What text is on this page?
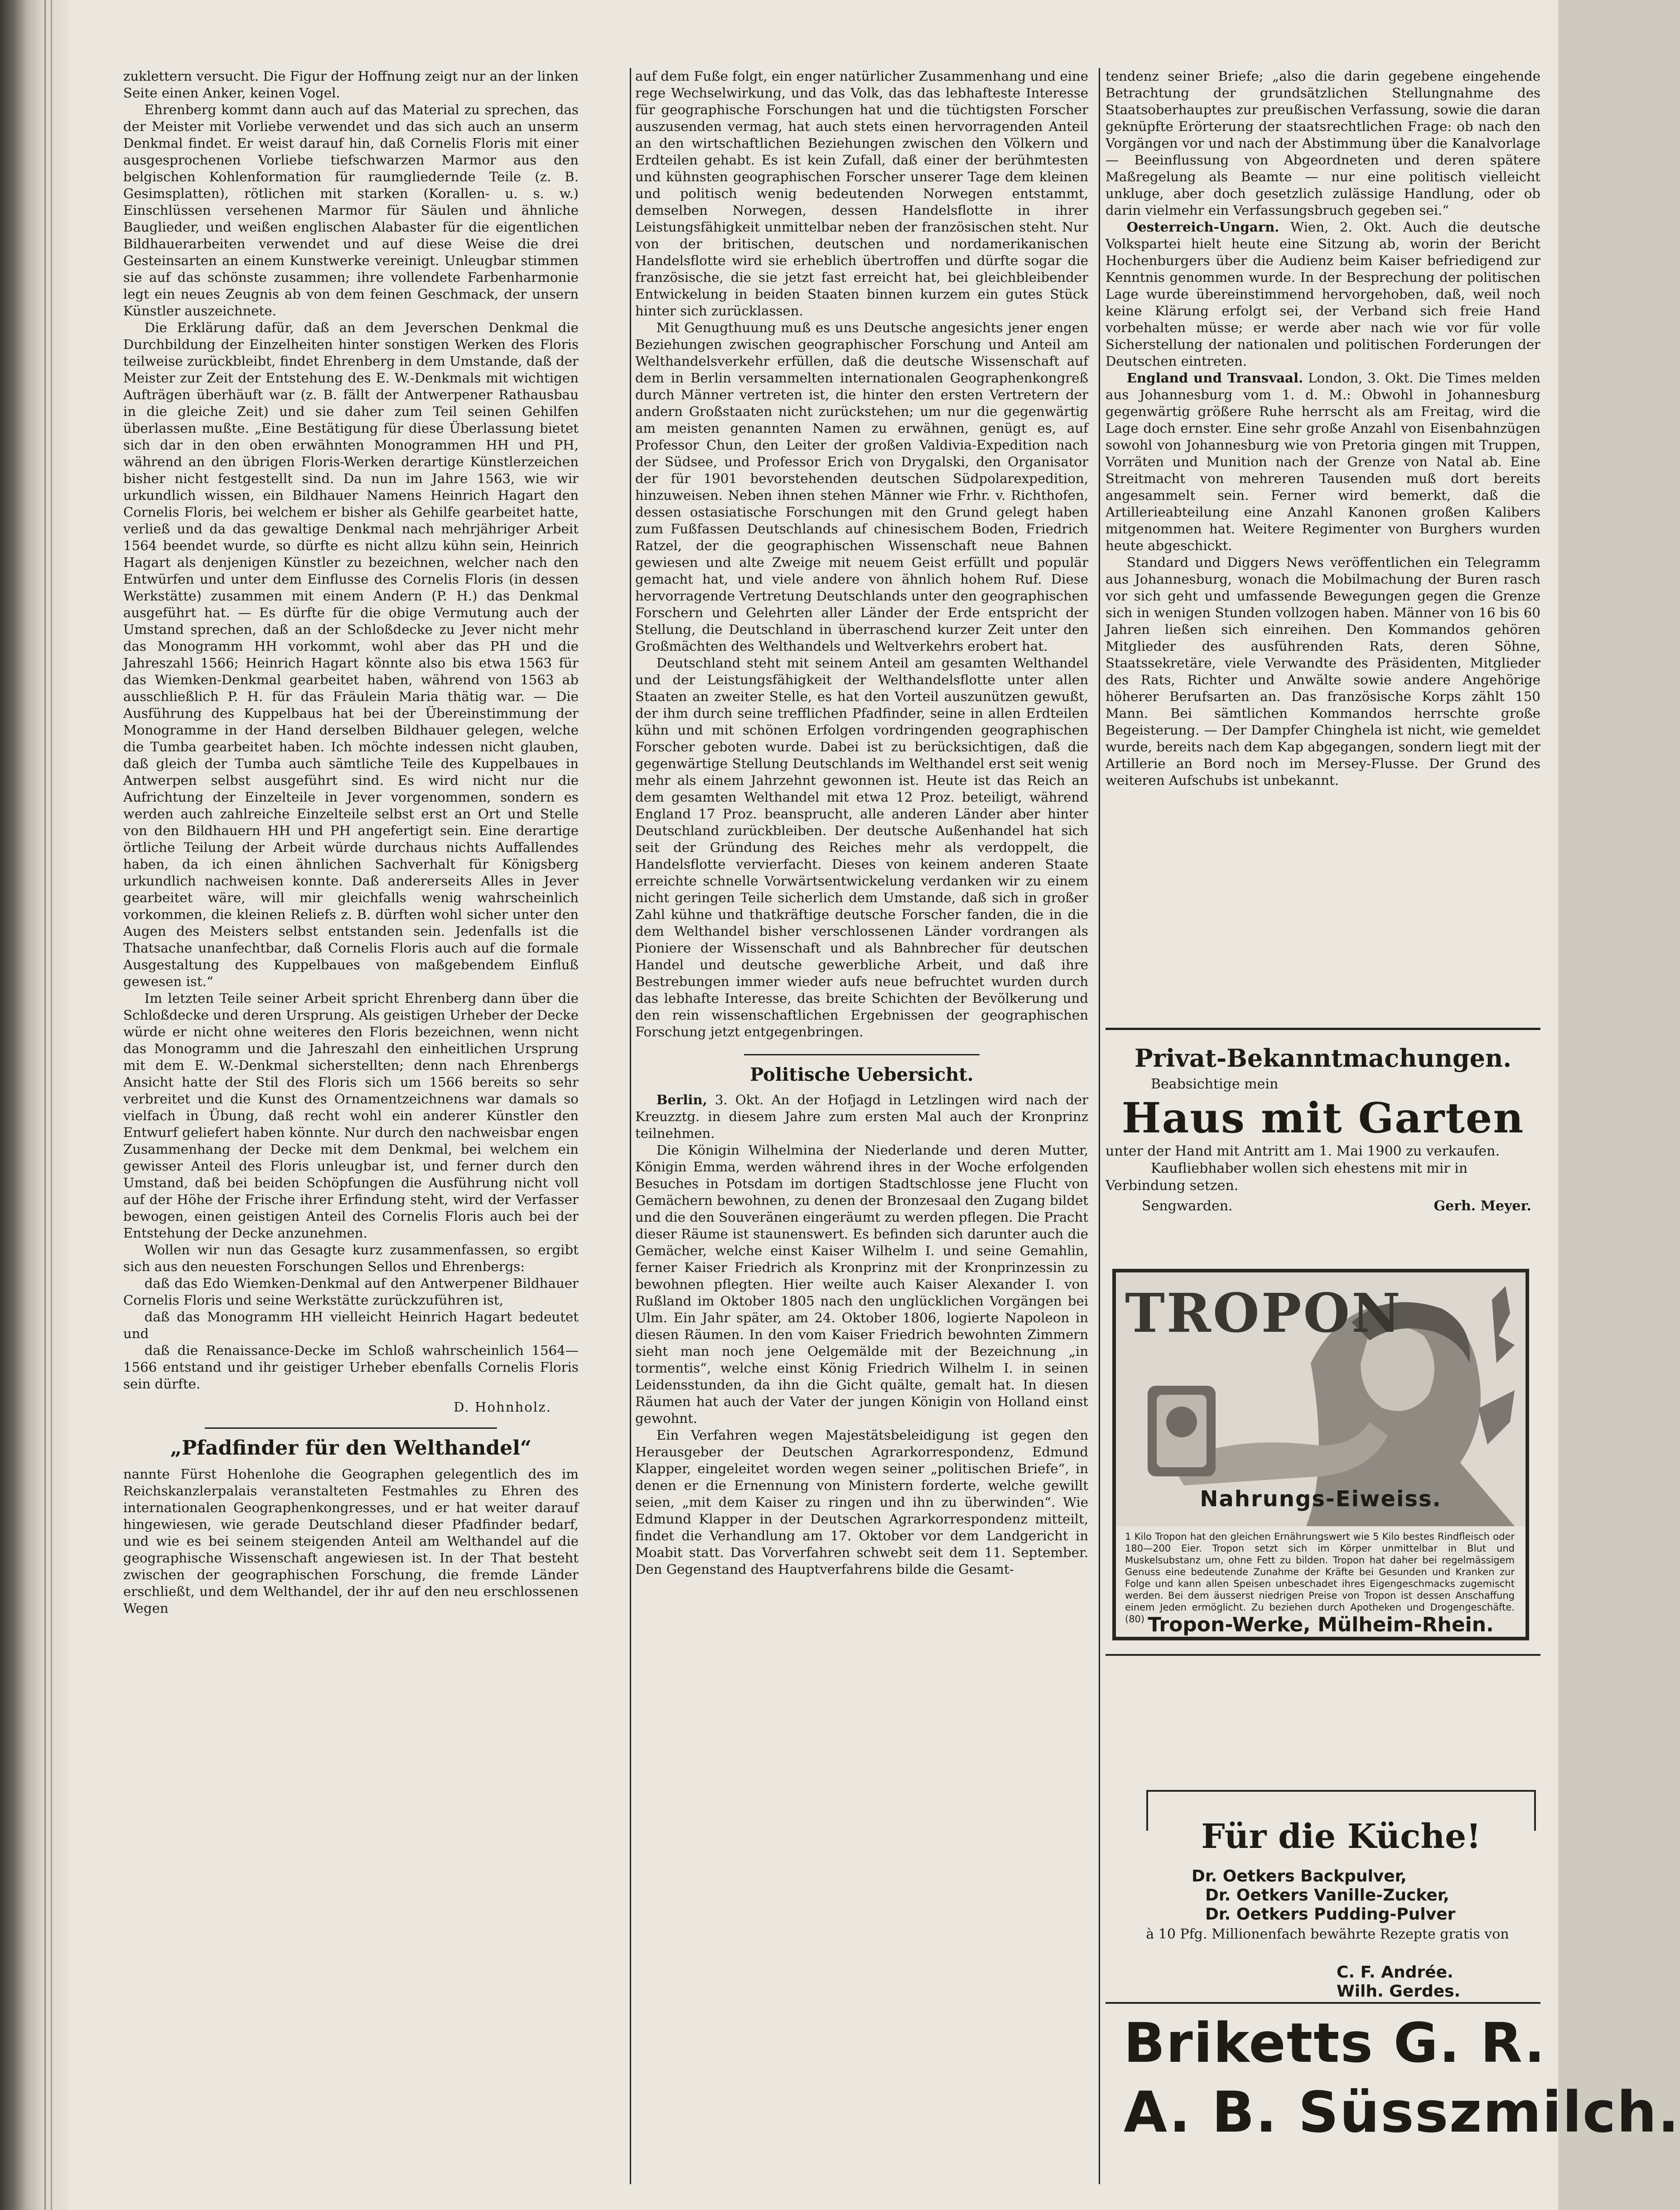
zuklettern versucht. Die Figur der Hoffnung zeigt nur an der linken Seite einen Anker, keinen Vogel.

Ehrenberg kommt dann auch auf das Material zu sprechen, das der Meister mit Vorliebe verwendet und das sich auch an unserm Denkmal findet. Er weist darauf hin, daß Cornelis Floris mit einer ausgesprochenen Vorliebe tiefschwarzen Marmor aus den belgischen Kohlenformation für raumgliedernde Teile (z. B. Gesimsplatten), rötlichen mit starken (Korallen- u. s. w.) Einschlüssen versehenen Marmor für Säulen und ähnliche Bauglieder, und weißen englischen Alabaster für die eigentlichen Bildhauerarbeiten verwendet und auf diese Weise die drei Gesteinsarten an einem Kunstwerke vereinigt. Unleugbar stimmen sie auf das schönste zusammen; ihre vollendete Farbenharmonie legt ein neues Zeugnis ab von dem feinen Geschmack, der unsern Künstler auszeichnete.

Die Erklärung dafür, daß an dem Jeverschen Denkmal die Durchbildung der Einzelheiten hinter sonstigen Werken des Floris teilweise zurückbleibt, findet Ehrenberg in dem Umstande, daß der Meister zur Zeit der Entstehung des E. W.-Denkmals mit wichtigen Aufträgen überhäuft war (z. B. fällt der Antwerpener Rathausbau in die gleiche Zeit) und sie daher zum Teil seinen Gehilfen überlassen mußte. „Eine Bestätigung für diese Überlassung bietet sich dar in den oben erwähnten Monogrammen HH und PH, während an den übrigen Floris-Werken derartige Künstlerzeichen bisher nicht festgestellt sind. Da nun im Jahre 1563, wie wir urkundlich wissen, ein Bildhauer Namens Heinrich Hagart den Cornelis Floris, bei welchem er bisher als Gehilfe gearbeitet hatte, verließ und da das gewaltige Denkmal nach mehrjähriger Arbeit 1564 beendet wurde, so dürfte es nicht allzu kühn sein, Heinrich Hagart als denjenigen Künstler zu bezeichnen, welcher nach den Entwürfen und unter dem Einflusse des Cornelis Floris (in dessen Werkstätte) zusammen mit einem Andern (P. H.) das Denkmal ausgeführt hat. — Es dürfte für die obige Vermutung auch der Umstand sprechen, daß an der Schloßdecke zu Jever nicht mehr das Monogramm HH vorkommt, wohl aber das PH und die Jahreszahl 1566; Heinrich Hagart könnte also bis etwa 1563 für das Wiemken-Denkmal gearbeitet haben, während von 1563 ab ausschließlich P. H. für das Fräulein Maria thätig war. — Die Ausführung des Kuppelbaus hat bei der Übereinstimmung der Monogramme in der Hand derselben Bildhauer gelegen, welche die Tumba gearbeitet haben. Ich möchte indessen nicht glauben, daß gleich der Tumba auch sämtliche Teile des Kuppelbaues in Antwerpen selbst ausgeführt sind. Es wird nicht nur die Aufrichtung der Einzelteile in Jever vorgenommen, sondern es werden auch zahlreiche Einzelteile selbst erst an Ort und Stelle von den Bildhauern HH und PH angefertigt sein. Eine derartige örtliche Teilung der Arbeit würde durchaus nichts Auffallendes haben, da ich einen ähnlichen Sachverhalt für Königsberg urkundlich nachweisen konnte. Daß andererseits Alles in Jever gearbeitet wäre, will mir gleichfalls wenig wahrscheinlich vorkommen, die kleinen Reliefs z. B. dürften wohl sicher unter den Augen des Meisters selbst entstanden sein. Jedenfalls ist die Thatsache unanfechtbar, daß Cornelis Floris auch auf die formale Ausgestaltung des Kuppelbaues von maßgebendem Einfluß gewesen ist.“

Im letzten Teile seiner Arbeit spricht Ehrenberg dann über die Schloßdecke und deren Ursprung. Als geistigen Urheber der Decke würde er nicht ohne weiteres den Floris bezeichnen, wenn nicht das Monogramm und die Jahreszahl den einheitlichen Ursprung mit dem E. W.-Denkmal sicherstellten; denn nach Ehrenbergs Ansicht hatte der Stil des Floris sich um 1566 bereits so sehr verbreitet und die Kunst des Ornamentzeichnens war damals so vielfach in Übung, daß recht wohl ein anderer Künstler den Entwurf geliefert haben könnte. Nur durch den nachweisbar engen Zusammenhang der Decke mit dem Denkmal, bei welchem ein gewisser Anteil des Floris unleugbar ist, und ferner durch den Umstand, daß bei beiden Schöpfungen die Ausführung nicht voll auf der Höhe der Frische ihrer Erfindung steht, wird der Verfasser bewogen, einen geistigen Anteil des Cornelis Floris auch bei der Entstehung der Decke anzunehmen.

Wollen wir nun das Gesagte kurz zusammenfassen, so ergibt sich aus den neuesten Forschungen Sellos und Ehrenbergs:

daß das Edo Wiemken-Denkmal auf den Antwerpener Bildhauer Cornelis Floris und seine Werkstätte zurückzuführen ist,

daß das Monogramm HH vielleicht Heinrich Hagart bedeutet und

daß die Renaissance-Decke im Schloß wahrscheinlich 1564—1566 entstand und ihr geistiger Urheber ebenfalls Cornelis Floris sein dürfte.

D. Hohnholz.
„Pfadfinder für den Welthandel“

nannte Fürst Hohenlohe die Geographen gelegentlich des im Reichskanzlerpalais veranstalteten Festmahles zu Ehren des internationalen Geographenkongresses, und er hat weiter darauf hingewiesen, wie gerade Deutschland dieser Pfadfinder bedarf, und wie es bei seinem steigenden Anteil am Welthandel auf die geographische Wissenschaft angewiesen ist. In der That besteht zwischen der geographischen Forschung, die fremde Länder erschließt, und dem Welthandel, der ihr auf den neu erschlossenen Wegen

auf dem Fuße folgt, ein enger natürlicher Zusammenhang und eine rege Wechselwirkung, und das Volk, das das lebhafteste Interesse für geographische Forschungen hat und die tüchtigsten Forscher auszusenden vermag, hat auch stets einen hervorragenden Anteil an den wirtschaftlichen Beziehungen zwischen den Völkern und Erdteilen gehabt. Es ist kein Zufall, daß einer der berühmtesten und kühnsten geographischen Forscher unserer Tage dem kleinen und politisch wenig bedeutenden Norwegen entstammt, demselben Norwegen, dessen Handelsflotte in ihrer Leistungsfähigkeit unmittelbar neben der französischen steht. Nur von der britischen, deutschen und nordamerikanischen Handelsflotte wird sie erheblich übertroffen und dürfte sogar die französische, die sie jetzt fast erreicht hat, bei gleichbleibender Entwickelung in beiden Staaten binnen kurzem ein gutes Stück hinter sich zurücklassen.

Mit Genugthuung muß es uns Deutsche angesichts jener engen Beziehungen zwischen geographischer Forschung und Anteil am Welthandelsverkehr erfüllen, daß die deutsche Wissenschaft auf dem in Berlin versammelten internationalen Geographenkongreß durch Männer vertreten ist, die hinter den ersten Vertretern der andern Großstaaten nicht zurückstehen; um nur die gegenwärtig am meisten genannten Namen zu erwähnen, genügt es, auf Professor Chun, den Leiter der großen Valdivia-Expedition nach der Südsee, und Professor Erich von Drygalski, den Organisator der für 1901 bevorstehenden deutschen Südpolarexpedition, hinzuweisen. Neben ihnen stehen Männer wie Frhr. v. Richthofen, dessen ostasiatische Forschungen mit den Grund gelegt haben zum Fußfassen Deutschlands auf chinesischem Boden, Friedrich Ratzel, der die geographischen Wissenschaft neue Bahnen gewiesen und alte Zweige mit neuem Geist erfüllt und populär gemacht hat, und viele andere von ähnlich hohem Ruf. Diese hervorragende Vertretung Deutschlands unter den geographischen Forschern und Gelehrten aller Länder der Erde entspricht der Stellung, die Deutschland in überraschend kurzer Zeit unter den Großmächten des Welthandels und Weltverkehrs erobert hat.

Deutschland steht mit seinem Anteil am gesamten Welthandel und der Leistungsfähigkeit der Welthandelsflotte unter allen Staaten an zweiter Stelle, es hat den Vorteil auszunützen gewußt, der ihm durch seine trefflichen Pfadfinder, seine in allen Erdteilen kühn und mit schönen Erfolgen vordringenden geographischen Forscher geboten wurde. Dabei ist zu berücksichtigen, daß die gegenwärtige Stellung Deutschlands im Welthandel erst seit wenig mehr als einem Jahrzehnt gewonnen ist. Heute ist das Reich an dem gesamten Welthandel mit etwa 12 Proz. beteiligt, während England 17 Proz. beansprucht, alle anderen Länder aber hinter Deutschland zurückbleiben. Der deutsche Außenhandel hat sich seit der Gründung des Reiches mehr als verdoppelt, die Handelsflotte vervierfacht. Dieses von keinem anderen Staate erreichte schnelle Vorwärtsentwickelung verdanken wir zu einem nicht geringen Teile sicherlich dem Umstande, daß sich in großer Zahl kühne und thatkräftige deutsche Forscher fanden, die in die dem Welthandel bisher verschlossenen Länder vordrangen als Pioniere der Wissenschaft und als Bahnbrecher für deutschen Handel und deutsche gewerbliche Arbeit, und daß ihre Bestrebungen immer wieder aufs neue befruchtet wurden durch das lebhafte Interesse, das breite Schichten der Bevölkerung und den rein wissenschaftlichen Ergebnissen der geographischen Forschung jetzt entgegenbringen.

Politische Uebersicht.

Berlin, 3. Okt. An der Hofjagd in Letzlingen wird nach der Kreuzztg. in diesem Jahre zum ersten Mal auch der Kronprinz teilnehmen.

Die Königin Wilhelmina der Niederlande und deren Mutter, Königin Emma, werden während ihres in der Woche erfolgenden Besuches in Potsdam im dortigen Stadtschlosse jene Flucht von Gemächern bewohnen, zu denen der Bronzesaal den Zugang bildet und die den Souveränen eingeräumt zu werden pflegen. Die Pracht dieser Räume ist staunenswert. Es befinden sich darunter auch die Gemächer, welche einst Kaiser Wilhelm I. und seine Gemahlin, ferner Kaiser Friedrich als Kronprinz mit der Kronprinzessin zu bewohnen pflegten. Hier weilte auch Kaiser Alexander I. von Rußland im Oktober 1805 nach den unglücklichen Vorgängen bei Ulm. Ein Jahr später, am 24. Oktober 1806, logierte Napoleon in diesen Räumen. In den vom Kaiser Friedrich bewohnten Zimmern sieht man noch jene Oelgemälde mit der Bezeichnung „in tormentis“, welche einst König Friedrich Wilhelm I. in seinen Leidensstunden, da ihn die Gicht quälte, gemalt hat. In diesen Räumen hat auch der Vater der jungen Königin von Holland einst gewohnt.

Ein Verfahren wegen Majestätsbeleidigung ist gegen den Herausgeber der Deutschen Agrarkorrespondenz, Edmund Klapper, eingeleitet worden wegen seiner „politischen Briefe“, in denen er die Ernennung von Ministern forderte, welche gewillt seien, „mit dem Kaiser zu ringen und ihn zu überwinden“. Wie Edmund Klapper in der Deutschen Agrarkorrespondenz mitteilt, findet die Verhandlung am 17. Oktober vor dem Landgericht in Moabit statt. Das Vorverfahren schwebt seit dem 11. September. Den Gegenstand des Hauptverfahrens bilde die Gesamt-

tendenz seiner Briefe; „also die darin gegebene eingehende Betrachtung der grundsätzlichen Stellungnahme des Staatsoberhauptes zur preußischen Verfassung, sowie die daran geknüpfte Erörterung der staatsrechtlichen Frage: ob nach den Vorgängen vor und nach der Abstimmung über die Kanalvorlage — Beeinflussung von Abgeordneten und deren spätere Maßregelung als Beamte — nur eine politisch vielleicht unkluge, aber doch gesetzlich zulässige Handlung, oder ob darin vielmehr ein Verfassungsbruch gegeben sei.“

Oesterreich-Ungarn. Wien, 2. Okt. Auch die deutsche Volkspartei hielt heute eine Sitzung ab, worin der Bericht Hochenburgers über die Audienz beim Kaiser befriedigend zur Kenntnis genommen wurde. In der Besprechung der politischen Lage wurde übereinstimmend hervorgehoben, daß, weil noch keine Klärung erfolgt sei, der Verband sich freie Hand vorbehalten müsse; er werde aber nach wie vor für volle Sicherstellung der nationalen und politischen Forderungen der Deutschen eintreten.

England und Transvaal. London, 3. Okt. Die Times melden aus Johannesburg vom 1. d. M.: Obwohl in Johannesburg gegenwärtig größere Ruhe herrscht als am Freitag, wird die Lage doch ernster. Eine sehr große Anzahl von Eisenbahnzügen sowohl von Johannesburg wie von Pretoria gingen mit Truppen, Vorräten und Munition nach der Grenze von Natal ab. Eine Streitmacht von mehreren Tausenden muß dort bereits angesammelt sein. Ferner wird bemerkt, daß die Artillerieabteilung eine Anzahl Kanonen großen Kalibers mitgenommen hat. Weitere Regimenter von Burghers wurden heute abgeschickt.

Standard und Diggers News veröffentlichen ein Telegramm aus Johannesburg, wonach die Mobilmachung der Buren rasch vor sich geht und umfassende Bewegungen gegen die Grenze sich in wenigen Stunden vollzogen haben. Männer von 16 bis 60 Jahren ließen sich einreihen. Den Kommandos gehören Mitglieder des ausführenden Rats, deren Söhne, Staatssekretäre, viele Verwandte des Präsidenten, Mitglieder des Rats, Richter und Anwälte sowie andere Angehörige höherer Berufsarten an. Das französische Korps zählt 150 Mann. Bei sämtlichen Kommandos herrschte große Begeisterung. — Der Dampfer Chinghela ist nicht, wie gemeldet wurde, bereits nach dem Kap abgegangen, sondern liegt mit der Artillerie an Bord noch im Mersey-Flusse. Der Grund des weiteren Aufschubs ist unbekannt.

Privat-Bekanntmachungen.
Beabsichtige mein
Haus mit Garten
unter der Hand mit Antritt am 1. Mai 1900 zu verkaufen.
Kaufliebhaber wollen sich ehestens mit mir in Verbindung setzen.
Sengwarden.	Gerh. Meyer.
TROPON
Nahrungs-Eiweiss.
1 Kilo Tropon hat den gleichen Ernährungswert wie 5 Kilo bestes Rindfleisch oder 180—200 Eier. Tropon setzt sich im Körper unmittelbar in Blut und Muskelsubstanz um, ohne Fett zu bilden. Tropon hat daher bei regelmässigem Genuss eine bedeutende Zunahme der Kräfte bei Gesunden und Kranken zur Folge und kann allen Speisen unbeschadet ihres Eigengeschmacks zugemischt werden. Bei dem äusserst niedrigen Preise von Tropon ist dessen Anschaffung einem Jeden ermöglicht. Zu beziehen durch Apotheken und Drogengeschäfte. (80) Tropon-Werke, Mülheim-Rhein.
Für die Küche!
Dr. Oetkers Backpulver,
Dr. Oetkers Vanille-Zucker,
Dr. Oetkers Pudding-Pulver
à 10 Pfg. Millionenfach bewährte Rezepte gratis von
C. F. Andrée.
Wilh. Gerdes.
Briketts G. R.
A. B. Süsszmilch.
